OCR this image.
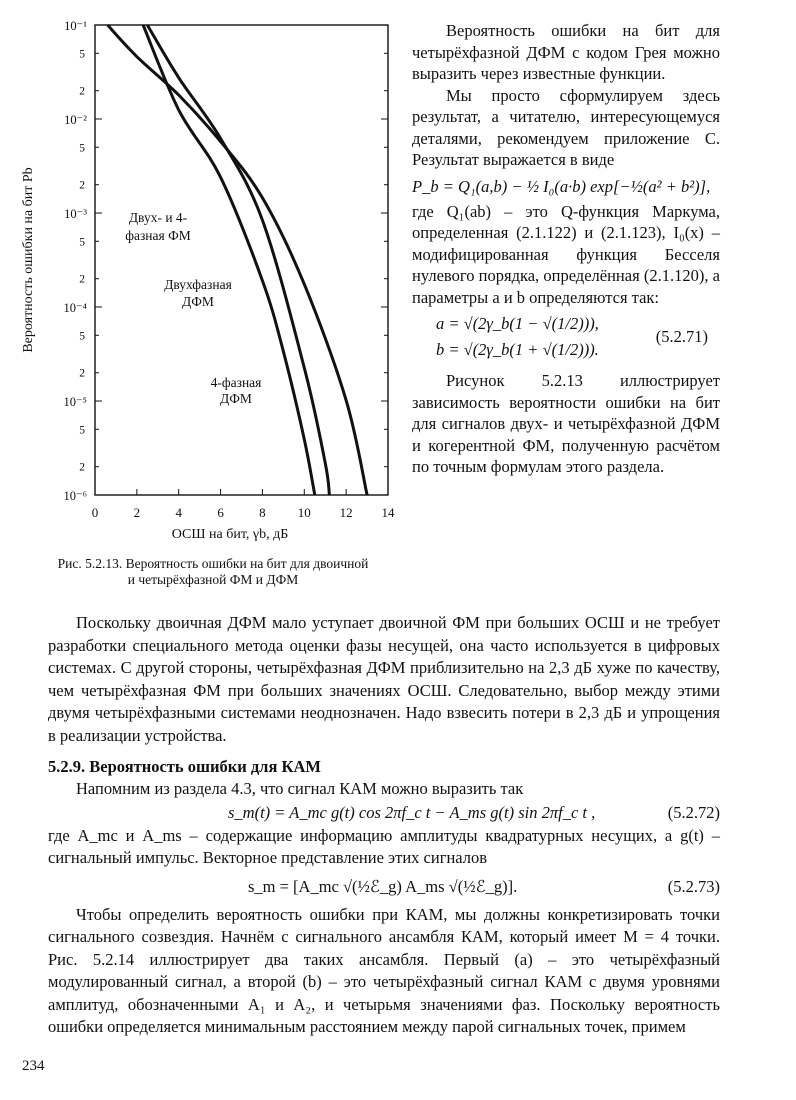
10⁻¹
5
2
10⁻²
5
2
10⁻³
5
2
10⁻⁴
5
2
10⁻⁵
5
2
10⁻⁶
0	2	4	6	8 10 12 14
Вероятность ошибки на бит Pb
ОСШ на бит, γb, дБ
Двух- и 4-
фазная ФМ
Двухфазная
ДФМ
4-фазная
ДФМ
Рис. 5.2.13. Вероятность ошибки на бит для двоичной
и четырёхфазной ФМ и ДФМ

Вероятность ошибки на бит для четырёхфазной ДФМ с кодом Грея можно выразить через известные функции.

Мы просто сформулируем здесь результат, а читателю, интересующемуся деталями, рекомендуем приложение С. Результат выражается в виде

P_b = Q₁(a,b) − ½ I₀(a·b) exp[−½(a² + b²)],

где Q₁(ab) – это Q-функция Маркума, определенная (2.1.122) и (2.1.123), I₀(x) – модифицированная функция Бесселя нулевого порядка, определённая (2.1.120), а параметры a и b определяются так:

a = √(2γ_b(1 − √(1/2))),
b = √(2γ_b(1 + √(1/2))).
(5.2.71)

Рисунок 5.2.13 иллюстрирует зависимость вероятности ошибки на бит для сигналов двух- и четырёхфазной ДФМ и когерентной ФМ, полученную расчётом по точным формулам этого раздела.

Поскольку двоичная ДФМ мало уступает двоичной ФМ при больших ОСШ и не требует разработки специального метода оценки фазы несущей, она часто используется в цифровых системах. С другой стороны, четырёхфазная ДФМ приблизительно на 2,3 дБ хуже по качеству, чем четырёхфазная ФМ при больших значениях ОСШ. Следовательно, выбор между этими двумя четырёхфазными системами неоднозначен. Надо взвесить потери в 2,3 дБ и упрощения в реализации устройства.

5.2.9. Вероятность ошибки для КАМ

Напомним из раздела 4.3, что сигнал КАМ можно выразить так

s_m(t) = A_mc g(t) cos 2πf_c t − A_ms g(t) sin 2πf_c t ,	(5.2.72)

где A_mc и A_ms – содержащие информацию амплитуды квадратурных несущих, а g(t) – сигнальный импульс. Векторное представление этих сигналов

s_m = [A_mc √(½ℰ_g) A_ms √(½ℰ_g)].	(5.2.73)

Чтобы определить вероятность ошибки при КАМ, мы должны конкретизировать точки сигнального созвездия. Начнём с сигнального ансамбля КАМ, который имеет M = 4 точки. Рис. 5.2.14 иллюстрирует два таких ансамбля. Первый (a) – это четырёхфазный модулированный сигнал, а второй (b) – это четырёхфазный сигнал КАМ с двумя уровнями амплитуд, обозначенными A₁ и A₂, и четырьмя значениями фаз. Поскольку вероятность ошибки определяется минимальным расстоянием между парой сигнальных точек, примем

234
